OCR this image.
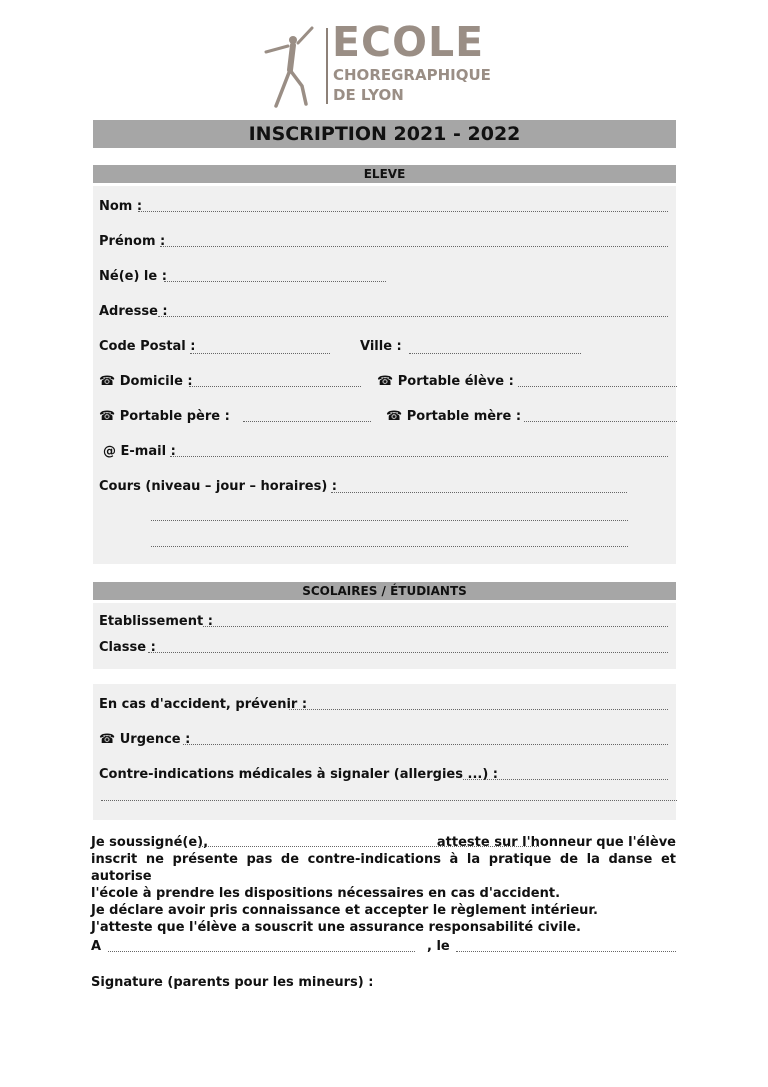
ECOLE
CHOREGRAPHIQUE
DE LYON
INSCRIPTION 2021 - 2022
ELEVE
Nom :
Prénom :
Né(e) le :
Adresse :
Code Postal :	Ville :
☎ Domicile :	☎ Portable élève :
☎ Portable père :	☎ Portable mère :
@ E-mail :
Cours (niveau – jour – horaires) :
SCOLAIRES / ÉTUDIANTS
Etablissement :
Classe :
En cas d'accident, prévenir :
☎ Urgence :
Contre-indications médicales à signaler (allergies ...) :
Je soussigné(e),	atteste sur l'honneur que l'élève
inscrit ne présente pas de contre-indications à la pratique de la danse et autorise
l'école à prendre les dispositions nécessaires en cas d'accident.
Je déclare avoir pris connaissance et accepter le règlement intérieur.
J'atteste que l'élève a souscrit une assurance responsabilité civile.
A	, le
Signature (parents pour les mineurs) :
